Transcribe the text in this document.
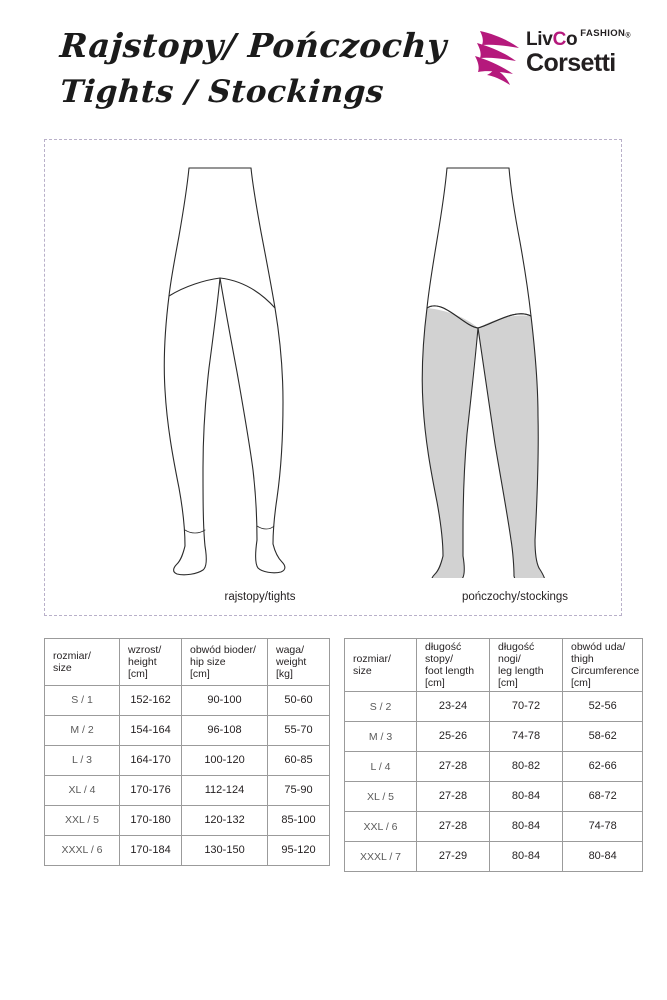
Rajstopy/ Pończochy
Tights / Stockings
LivCo $^{FASHION®}$
Corsetti
rajstopy/tights	pończochy/stockings
rozmiar/
size	wzrost/
height
[cm]	obwód bioder/
hip size
[cm]	waga/
weight
[kg]

S / 1	152-162	90-100	50-60
M / 2	154-164	96-108	55-70
L / 3	164-170	100-120	60-85
XL / 4	170-176	112-124	75-90
XXL / 5	170-180	120-132	85-100
XXXL / 6	170-184	130-150	95-120
rozmiar/
size	długość stopy/
foot length
[cm]	długość nogi/
leg length
[cm]	obwód uda/
thigh
Circumference
[cm]

S / 2	23-24	70-72	52-56
M / 3	25-26	74-78	58-62
L / 4	27-28	80-82	62-66
XL / 5	27-28	80-84	68-72
XXL / 6	27-28	80-84	74-78
XXXL / 7	27-29	80-84	80-84
